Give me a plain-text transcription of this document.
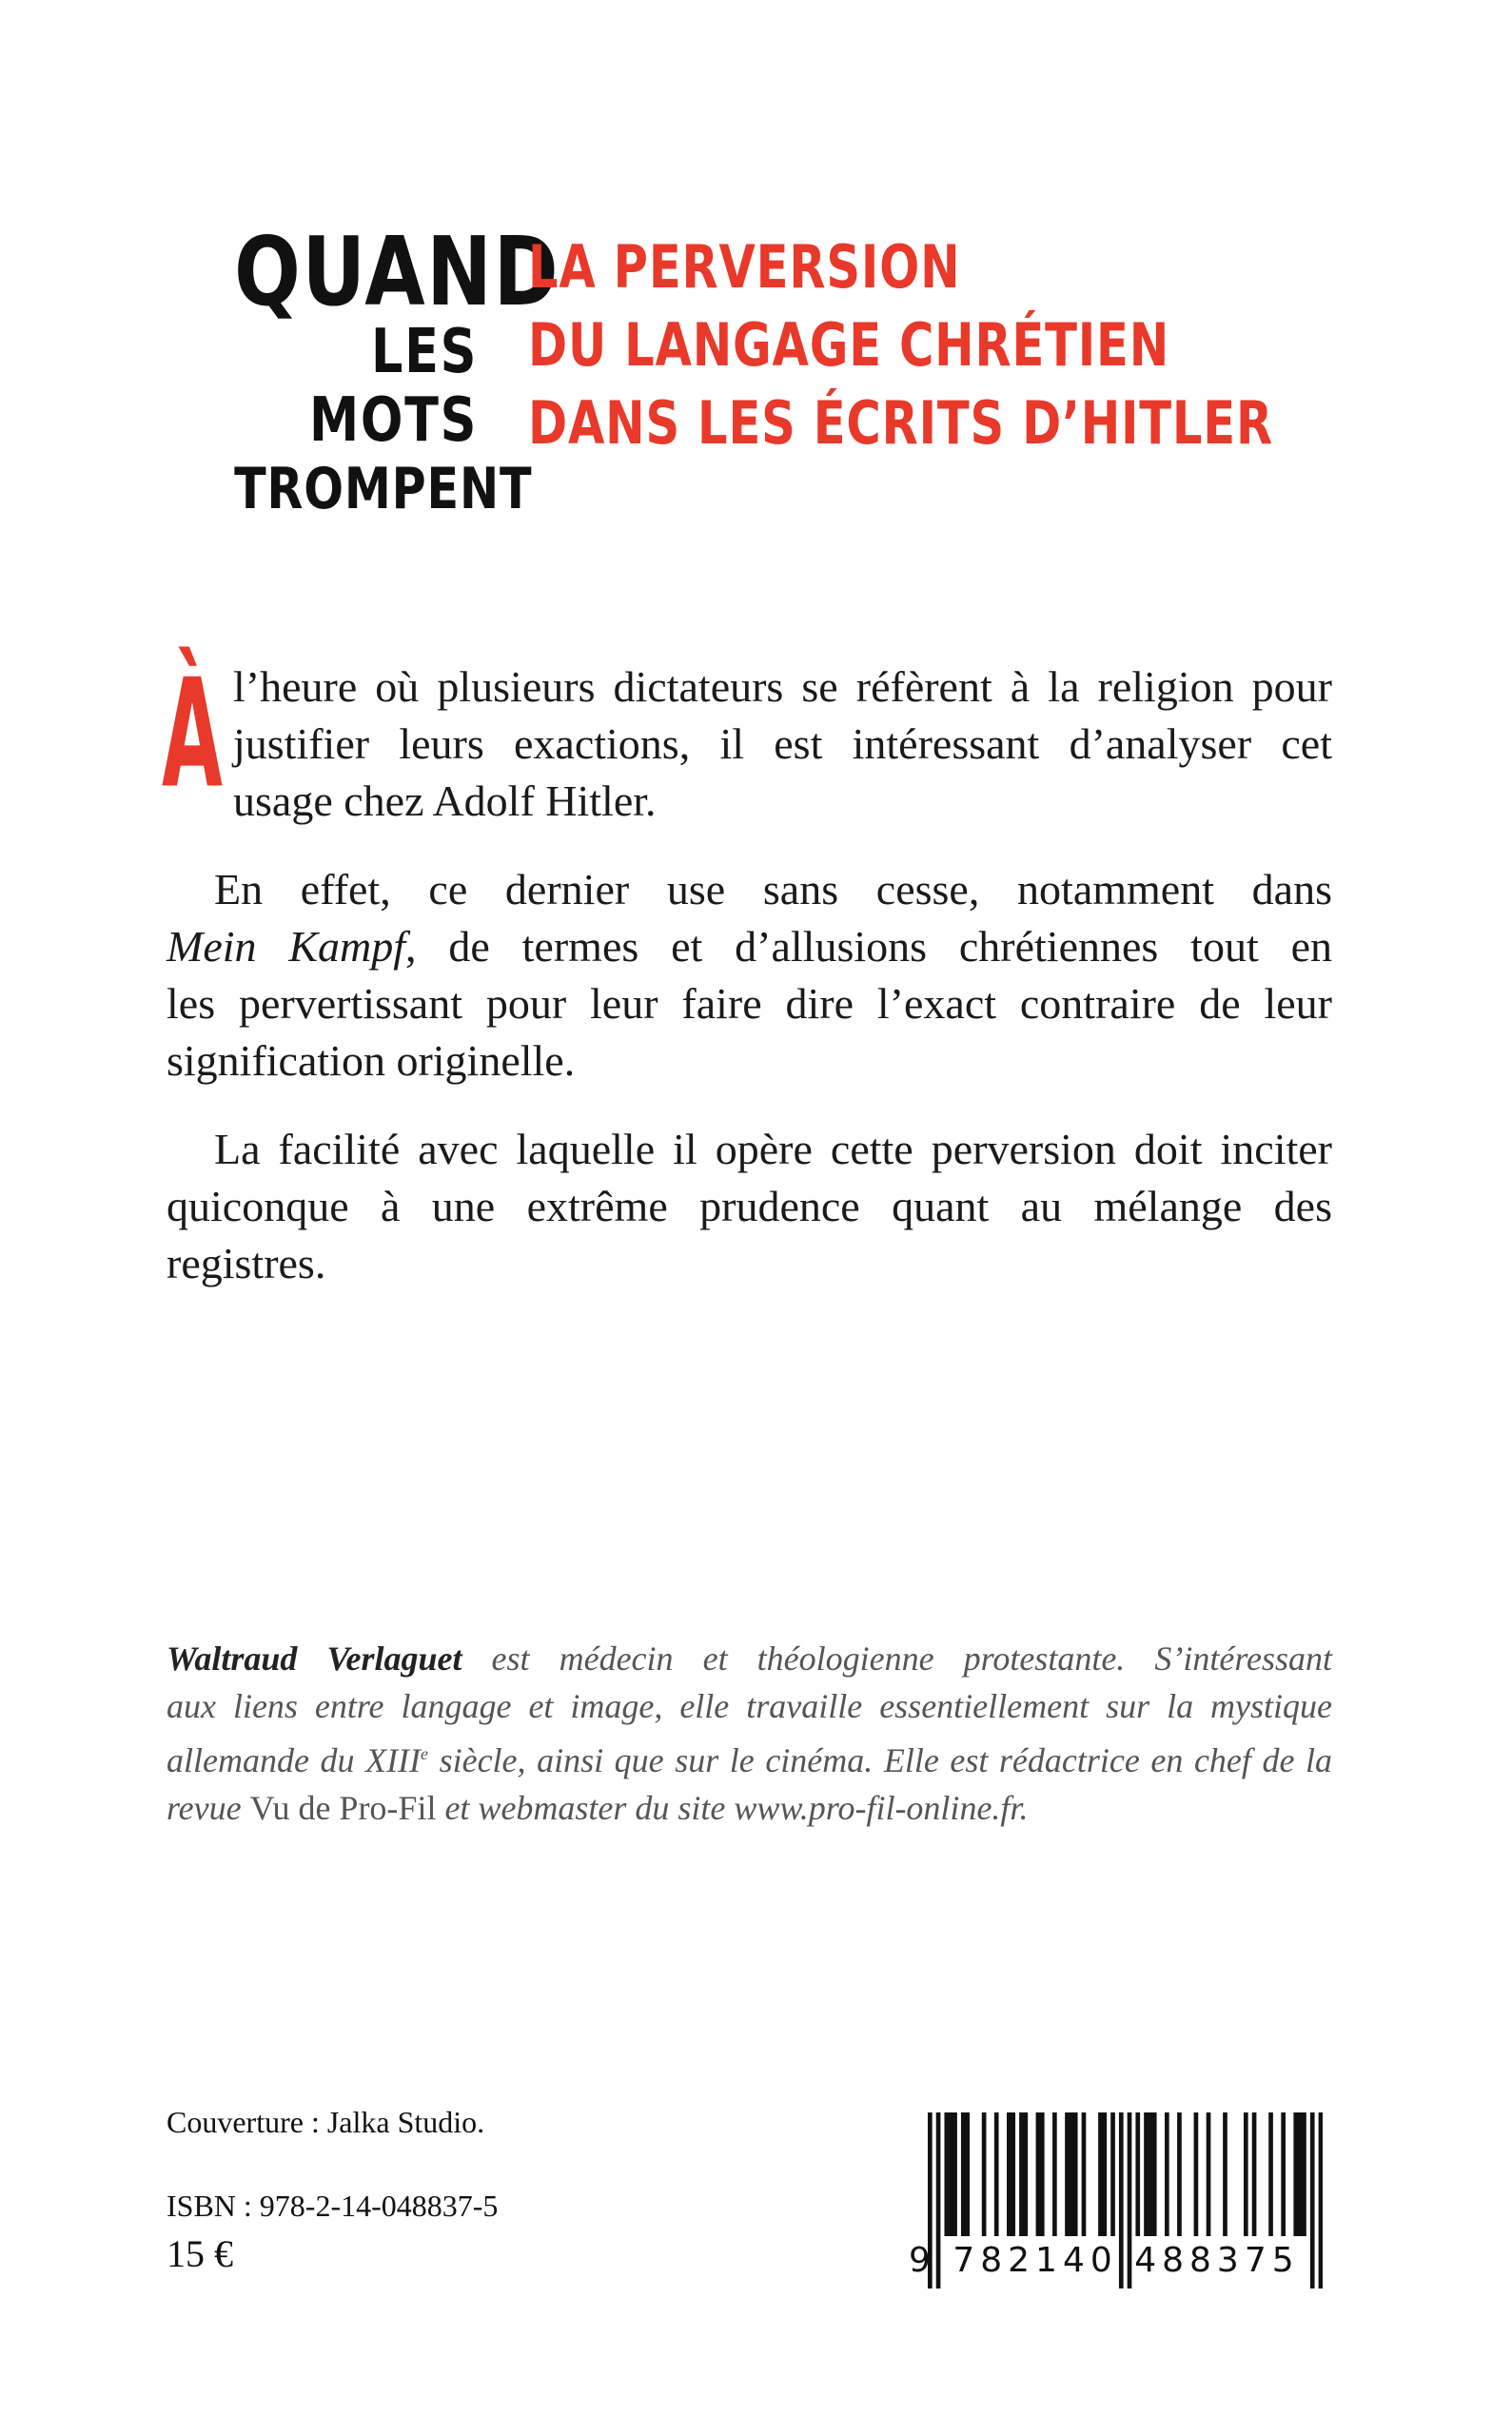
QUAND
LES MOTS
TROMPENT
LA PERVERSION
DU LANGAGE CHRÉTIEN
DANS LES ÉCRITS D’HITLER
À l’heure où plusieurs dictateurs se réfèrent à la religion pour
justifier leurs exactions, il est intéressant d’analyser cet
usage chez Adolf Hitler.
En effet, ce dernier use sans cesse, notamment dans
Mein Kampf, de termes et d’allusions chrétiennes tout en
les pervertissant pour leur faire dire l’exact contraire de leur
signification originelle.
La facilité avec laquelle il opère cette perversion doit inciter
quiconque à une extrême prudence quant au mélange des
registres.
Waltraud Verlaguet est médecin et théologienne protestante. S’intéressant
aux liens entre langage et image, elle travaille essentiellement sur la mystique
allemande du XIIIe siècle, ainsi que sur le cinéma. Elle est rédactrice en chef de la
revue Vu de Pro-Fil et webmaster du site www.pro-fil-online.fr.
Couverture : Jalka Studio.
ISBN : 978-2-14-048837-5
15 €	9 782140 488375
